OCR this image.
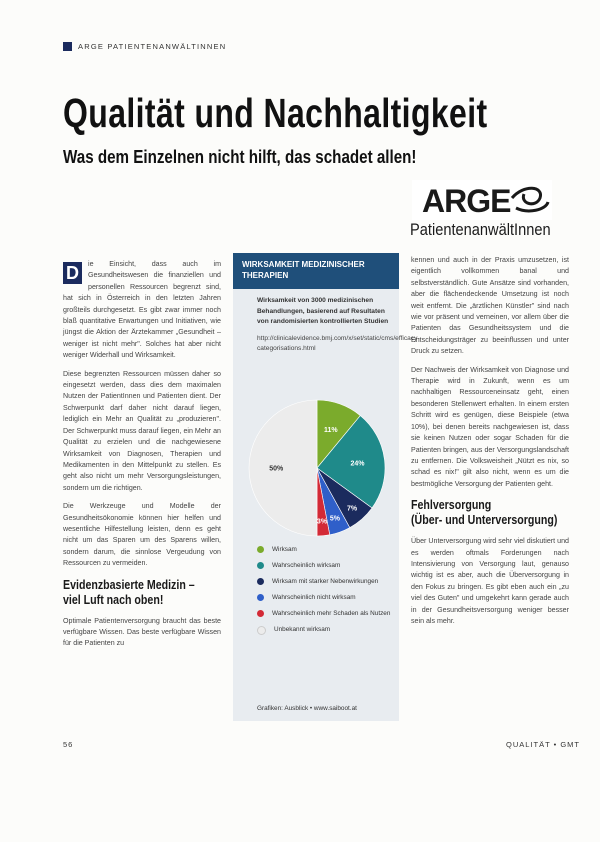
ARGE PATIENTENANWÄLTINNEN
Qualität und Nachhaltigkeit
Was dem Einzelnen nicht hilft, das schadet allen!
ARGE
PatientenanwältInnen

D	ie Einsicht, dass auch im Gesundheitswesen die finanziellen und personellen Ressourcen begrenzt sind, hat sich in Österreich in den letzten Jahren großteils durchgesetzt. Es gibt zwar immer noch blaß quantitative Erwartungen und Initiativen, wie jüngst die Aktion der Ärztekammer „Gesundheit – weniger ist nicht mehr". Solches hat aber nicht weniger Widerhall und Wirksamkeit.

Diese begrenzten Ressourcen müssen daher so eingesetzt werden, dass dies dem maximalen Nutzen der PatientInnen und Patienten dient. Der Schwerpunkt darf daher nicht darauf liegen, lediglich ein Mehr an Qualität zu „produzieren". Der Schwerpunkt muss darauf liegen, ein Mehr an Qualität zu erzielen und die nachgewiesene Wirksamkeit von Diagnosen, Therapien und Medikamenten in den Mittelpunkt zu stellen. Es geht also nicht um mehr Versorgungsleistungen, sondern um die richtigen.

Die Werkzeuge und Modelle der Gesundheitsökonomie können hier helfen und wesentliche Hilfestellung leisten, denn es geht nicht um das Sparen um des Sparens willen, sondern darum, die sinnlose Vergeudung von Ressourcen zu vermeiden.

Evidenzbasierte Medizin –
viel Luft nach oben!

Optimale Patientenversorgung braucht das beste verfügbare Wissen. Das beste verfügbare Wissen für die Patienten zu

WIRKSAMKEIT MEDIZINISCHER THERAPIEN
Wirksamkeit von 3000 medizinischen Behandlungen, basierend auf Resultaten von randomisierten kontrollierten Studien
http://clinicalevidence.bmj.com/x/set/static/cms/efficacy-categorisations.html
11%
24%
7%
5%
3%
50%
Wirksam
Wahrscheinlich wirksam
Wirksam mit starker Nebenwirkungen
Wahrscheinlich nicht wirksam
Wahrscheinlich mehr Schaden als Nutzen
Unbekannt wirksam
Grafiken: Ausblick • www.saiboot.at

kennen und auch in der Praxis umzusetzen, ist eigentlich vollkommen banal und selbstverständlich. Gute Ansätze sind vorhanden, aber die flächendeckende Umsetzung ist noch weit entfernt. Die „ärztlichen Künstler" sind nach wie vor präsent und verneinen, vor allem über die Patienten das Gesundheitssystem und die Entscheidungsträger zu beeinflussen und unter Druck zu setzen.

Der Nachweis der Wirksamkeit von Diagnose und Therapie wird in Zukunft, wenn es um nachhaltigen Ressourceneinsatz geht, einen besonderen Stellenwert erhalten. In einem ersten Schritt wird es genügen, diese Beispiele (etwa 10%), bei denen bereits nachgewiesen ist, dass sie keinen Nutzen oder sogar Schaden für die Patienten bringen, aus der Versorgungslandschaft zu entfernen. Die Volksweisheit „Nützt es nix, so schad es nix!" gilt also nicht, wenn es um die bestmögliche Versorgung der Patienten geht.

Fehlversorgung
(Über- und Unterversorgung)

Über Unterversorgung wird sehr viel diskutiert und es werden oftmals Forderungen nach Intensivierung von Versorgung laut, genauso wichtig ist es aber, auch die Überversorgung in den Fokus zu bringen. Es gibt eben auch ein „zu viel des Guten" und umgekehrt kann gerade auch in der Gesundheitsversorgung weniger besser sein als mehr.

56	QUALITÄT • GMT
